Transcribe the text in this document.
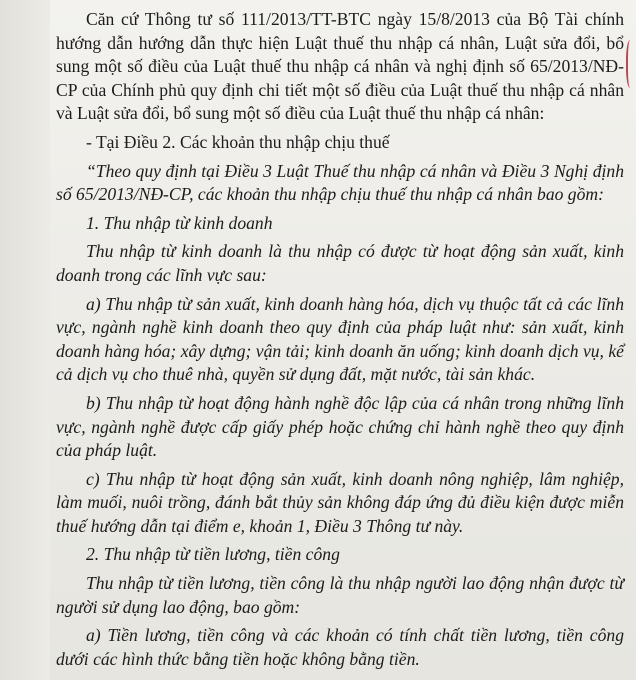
Căn cứ Thông tư số 111/2013/TT-BTC ngày 15/8/2013 của Bộ Tài chính hướng dẫn hướng dẫn thực hiện Luật thuế thu nhập cá nhân, Luật sửa đổi, bổ sung một số điều của Luật thuế thu nhập cá nhân và nghị định số 65/2013/NĐ-CP của Chính phủ quy định chi tiết một số điều của Luật thuế thu nhập cá nhân và Luật sửa đổi, bổ sung một số điều của Luật thuế thu nhập cá nhân:

- Tại Điều 2. Các khoản thu nhập chịu thuế

“Theo quy định tại Điều 3 Luật Thuế thu nhập cá nhân và Điều 3 Nghị định số 65/2013/NĐ-CP, các khoản thu nhập chịu thuế thu nhập cá nhân bao gồm:

1. Thu nhập từ kinh doanh

Thu nhập từ kinh doanh là thu nhập có được từ hoạt động sản xuất, kinh doanh trong các lĩnh vực sau:

a) Thu nhập từ sản xuất, kinh doanh hàng hóa, dịch vụ thuộc tất cả các lĩnh vực, ngành nghề kinh doanh theo quy định của pháp luật như: sản xuất, kinh doanh hàng hóa; xây dựng; vận tải; kinh doanh ăn uống; kinh doanh dịch vụ, kể cả dịch vụ cho thuê nhà, quyền sử dụng đất, mặt nước, tài sản khác.

b) Thu nhập từ hoạt động hành nghề độc lập của cá nhân trong những lĩnh vực, ngành nghề được cấp giấy phép hoặc chứng chỉ hành nghề theo quy định của pháp luật.

c) Thu nhập từ hoạt động sản xuất, kinh doanh nông nghiệp, lâm nghiệp, làm muối, nuôi trồng, đánh bắt thủy sản không đáp ứng đủ điều kiện được miễn thuế hướng dẫn tại điểm e, khoản 1, Điều 3 Thông tư này.

2. Thu nhập từ tiền lương, tiền công

Thu nhập từ tiền lương, tiền công là thu nhập người lao động nhận được từ người sử dụng lao động, bao gồm:

a) Tiền lương, tiền công và các khoản có tính chất tiền lương, tiền công dưới các hình thức bằng tiền hoặc không bằng tiền.
